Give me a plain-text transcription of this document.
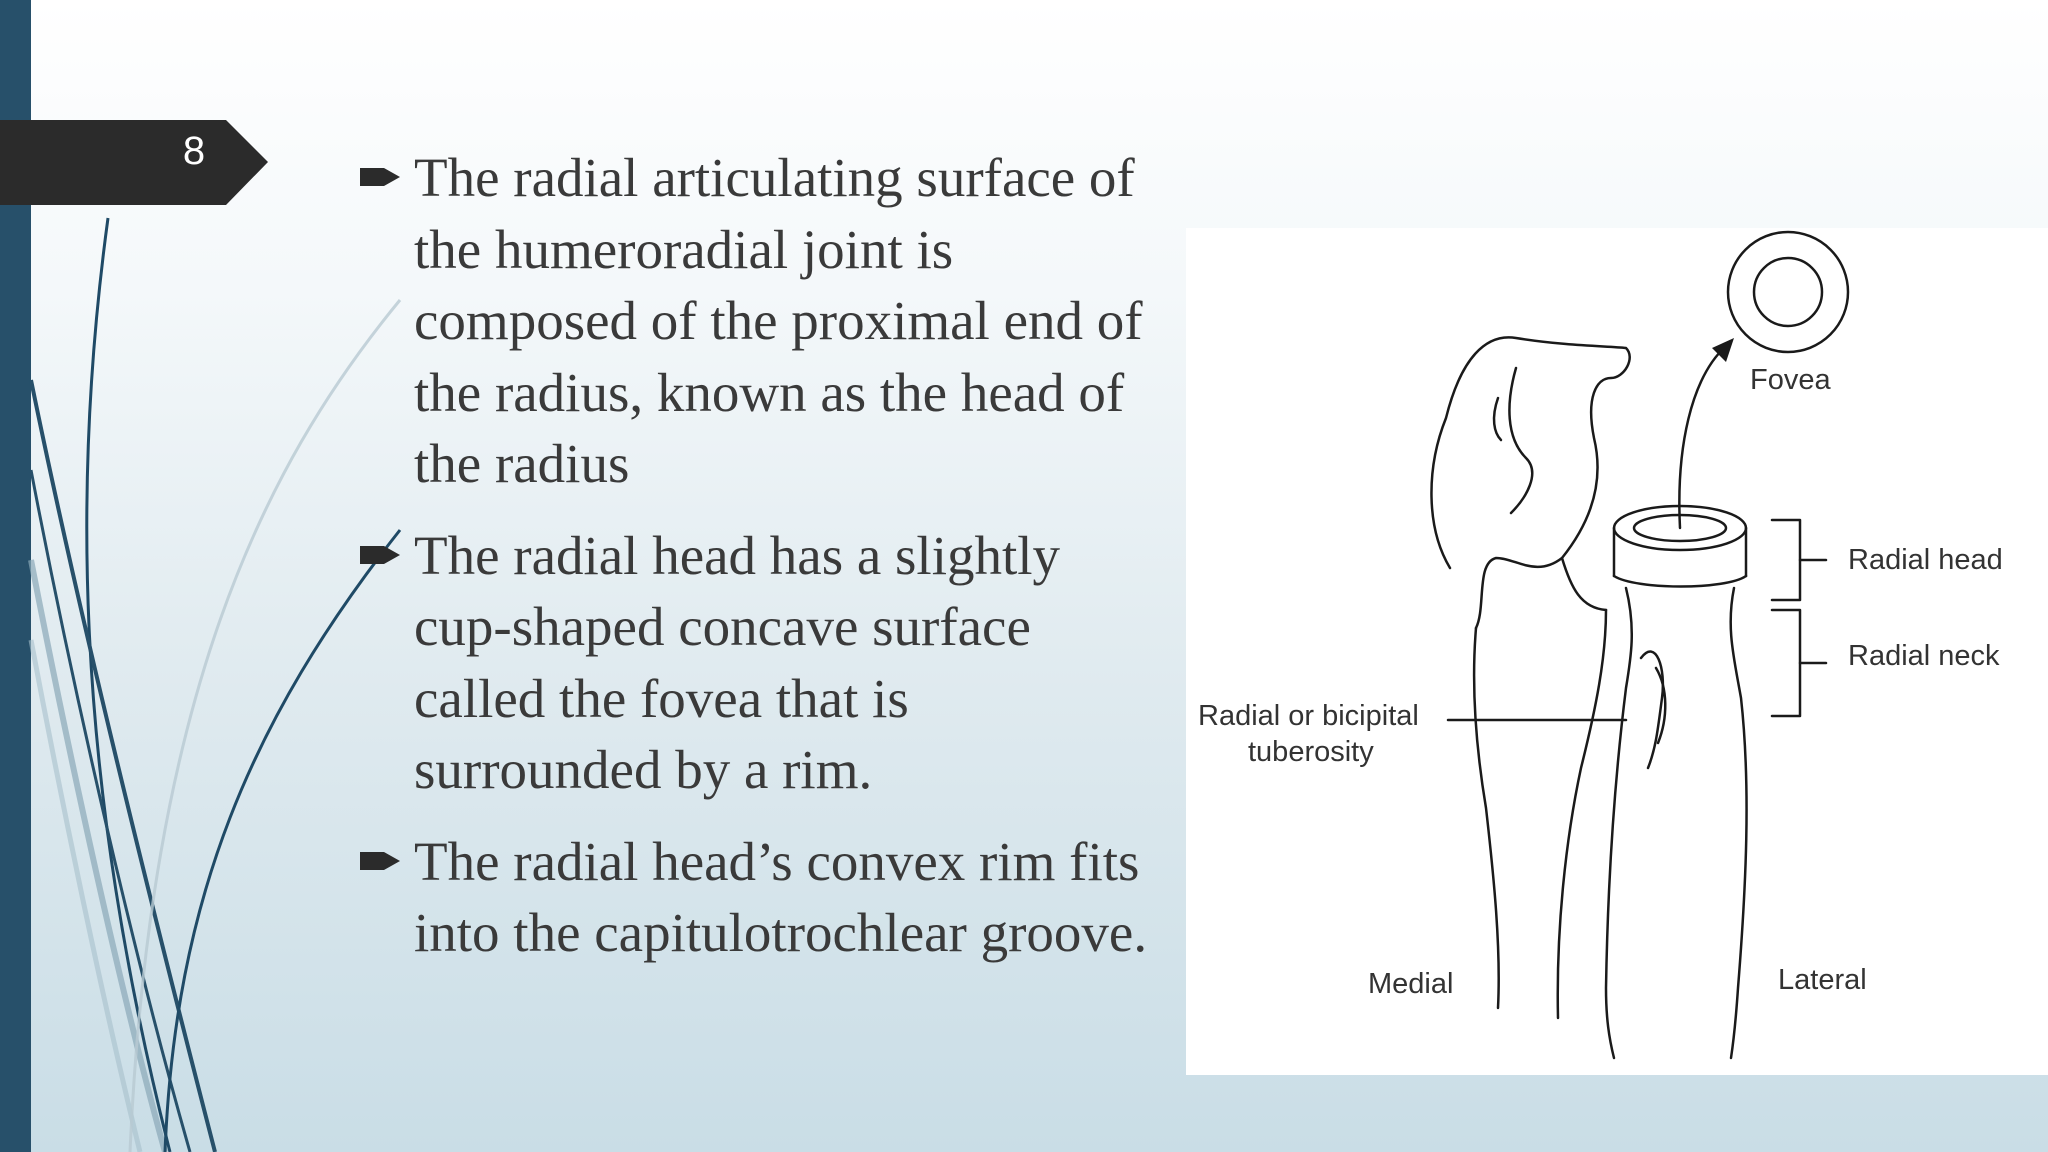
8	The radial articulating surface of the humeroradial joint is composed of the proximal end of the radius, known as the head of the radius
The radial head has a slightly cup-shaped concave surface called the fovea that is surrounded by a rim.
The radial head’s convex rim fits into the capitulotrochlear groove.
Fovea
Radial head
Radial neck
Radial or bicipital
tuberosity
Medial	Lateral
